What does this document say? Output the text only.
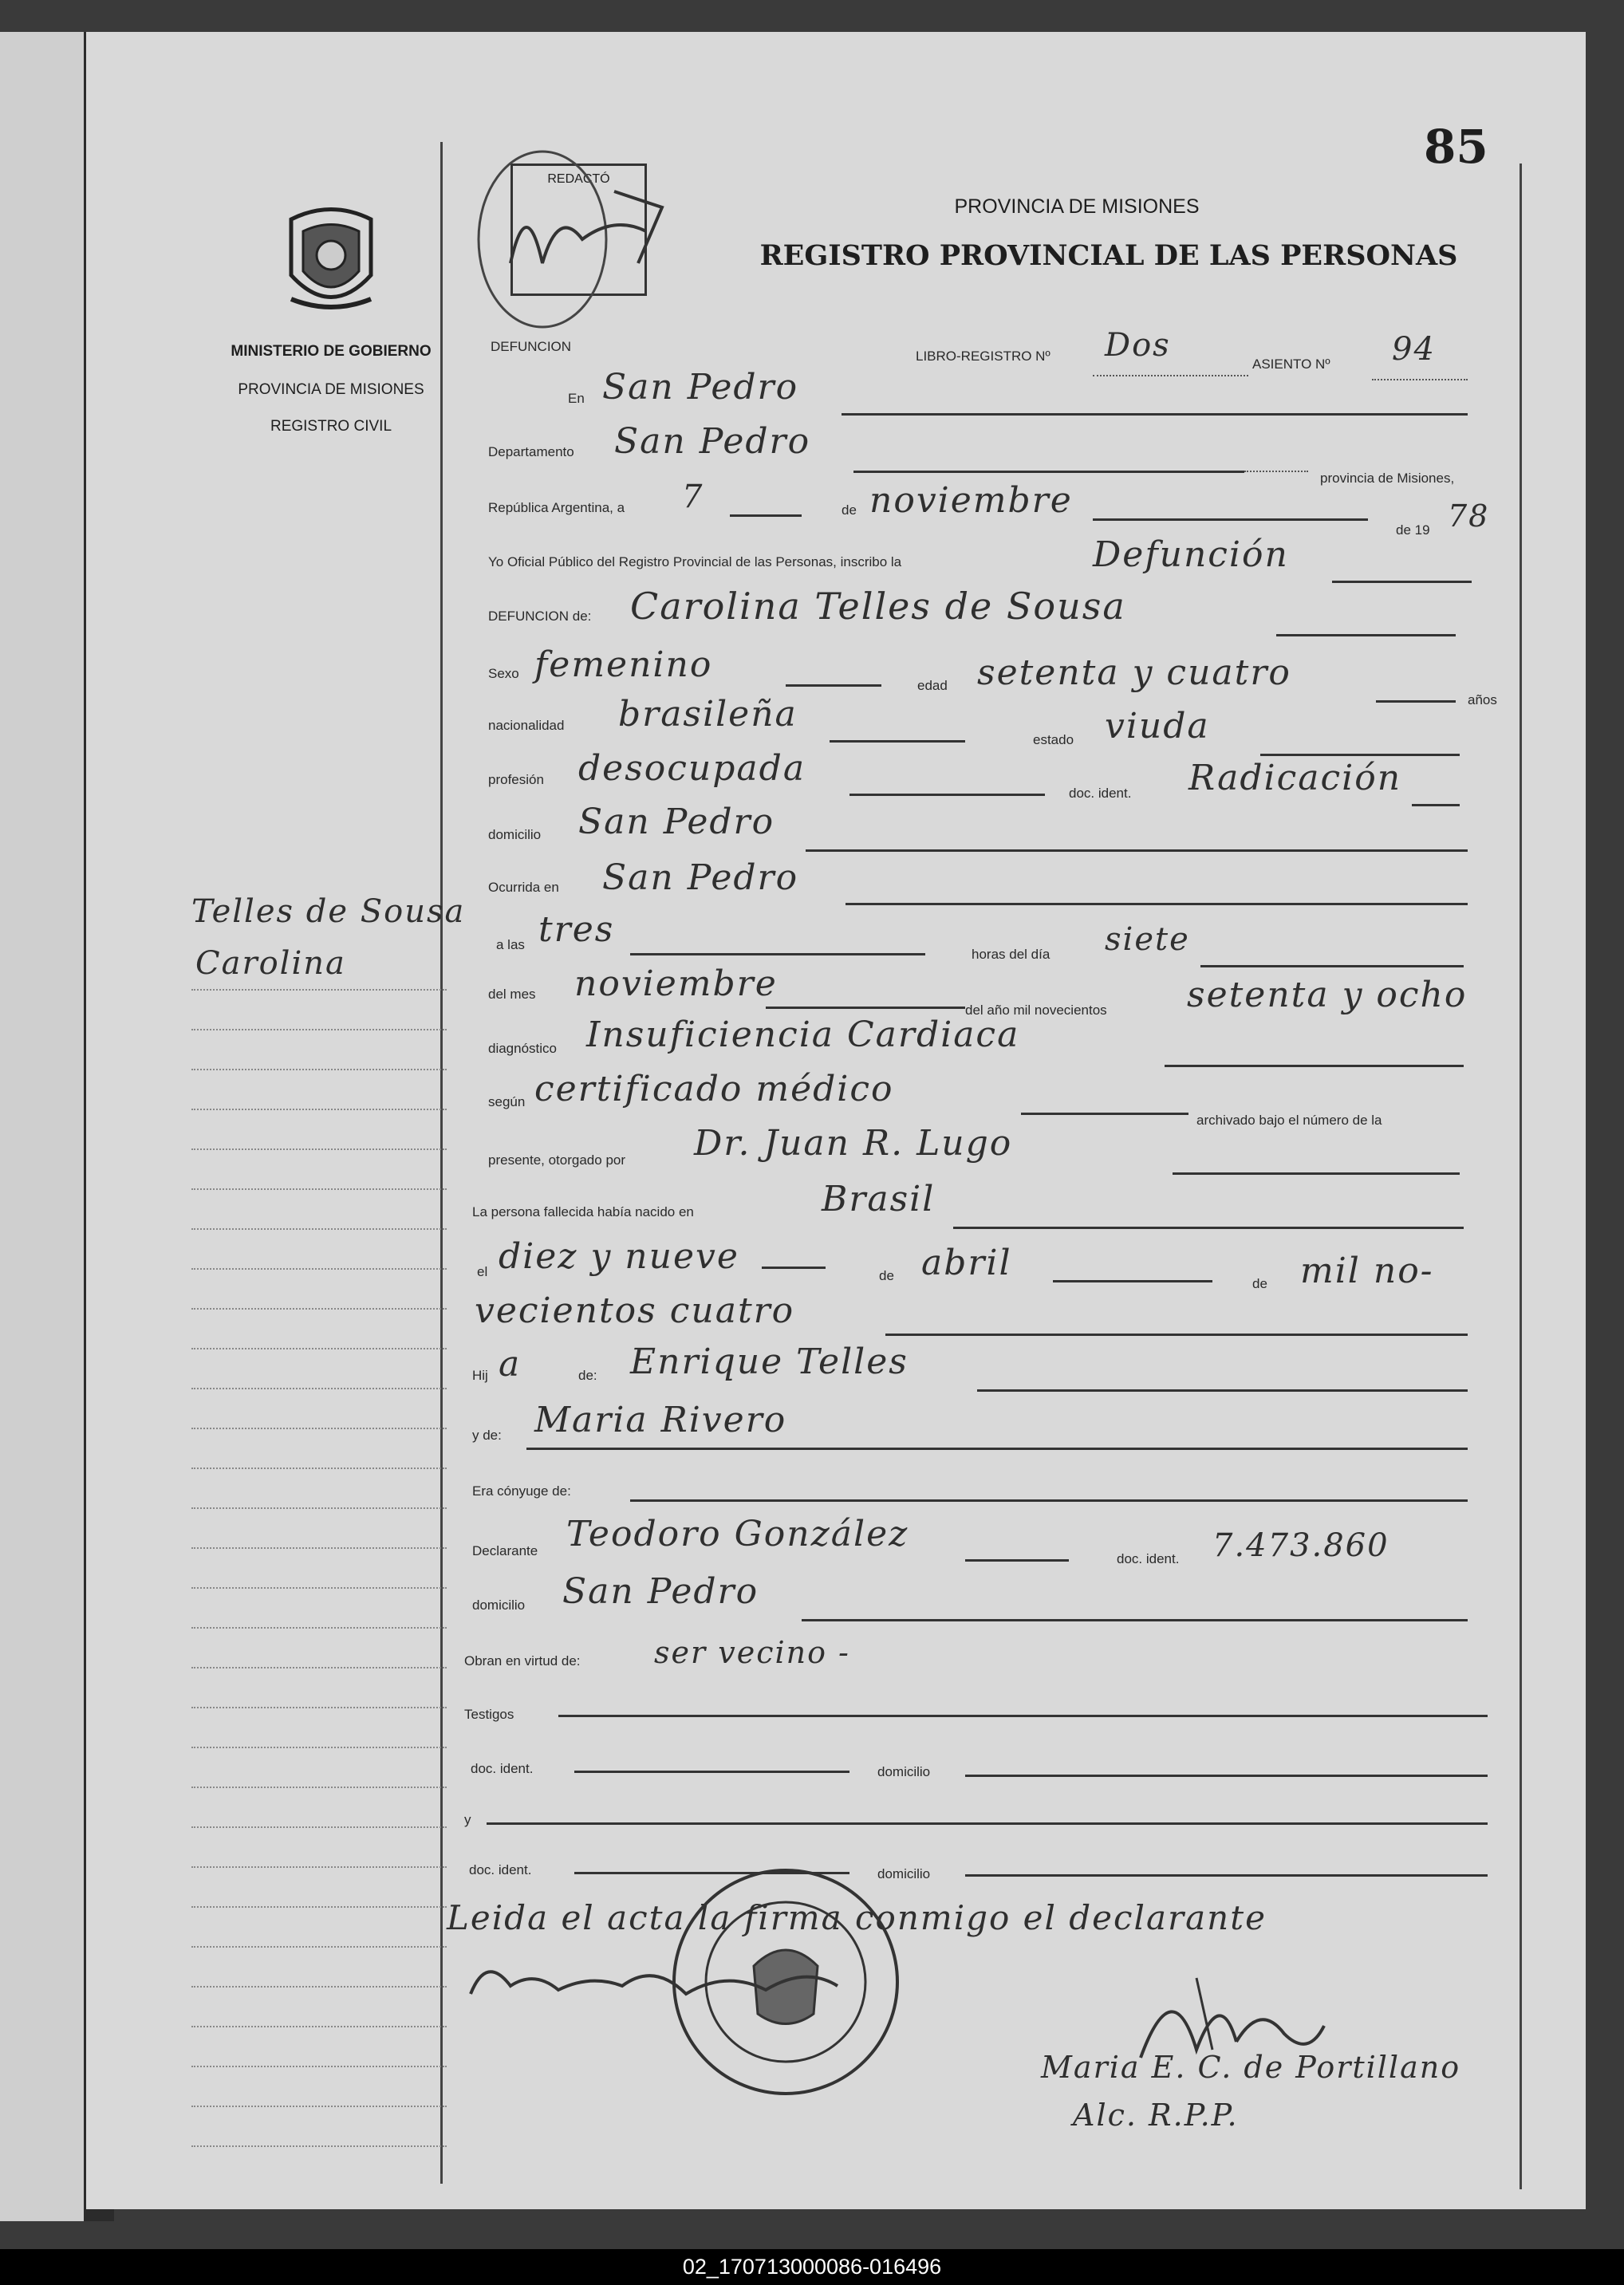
85
MINISTERIO DE GOBIERNO
PROVINCIA DE MISIONES
REGISTRO CIVIL
REDACTÓ
PROVINCIA DE MISIONES
REGISTRO PROVINCIAL DE LAS PERSONAS
DEFUNCION
LIBRO-REGISTRO Nº Dos
ASIENTO Nº 94
En San Pedro
Departamento San Pedro
provincia de Misiones,
República Argentina, a 7	de noviembre
de 19 78
Yo Oficial Público del Registro Provincial de las Personas, inscribo la	Defunción
DEFUNCION de: Carolina Telles de Sousa
Sexo femenino
edad setenta y cuatro
años
nacionalidad brasileña
estado viuda
profesión desocupada
doc. ident. Radicación
domicilio San Pedro
Ocurrida en San Pedro
a las tres
horas del día siete
del mes noviembre
del año mil novecientos setenta y ocho
diagnóstico Insuficiencia Cardiaca
según certificado médico
archivado bajo el número de la
presente, otorgado por Dr. Juan R. Lugo
La persona fallecida había nacido en	Brasil
el diez y nueve	de abril
de mil no-
vecientos cuatro
Hij a	de: Enrique Telles
y de: Maria Rivero
Era cónyuge de:
Declarante Teodoro González
doc. ident. 7.473.860
domicilio San Pedro
Obran en virtud de: ser vecino -
Testigos
doc. ident.	domicilio
y
doc. ident.	domicilio
Leida el acta la firma conmigo el declarante
Maria E. C. de Portillano
Alc. R.P.P.
Telles de Sousa
Carolina
02_170713000086-016496
